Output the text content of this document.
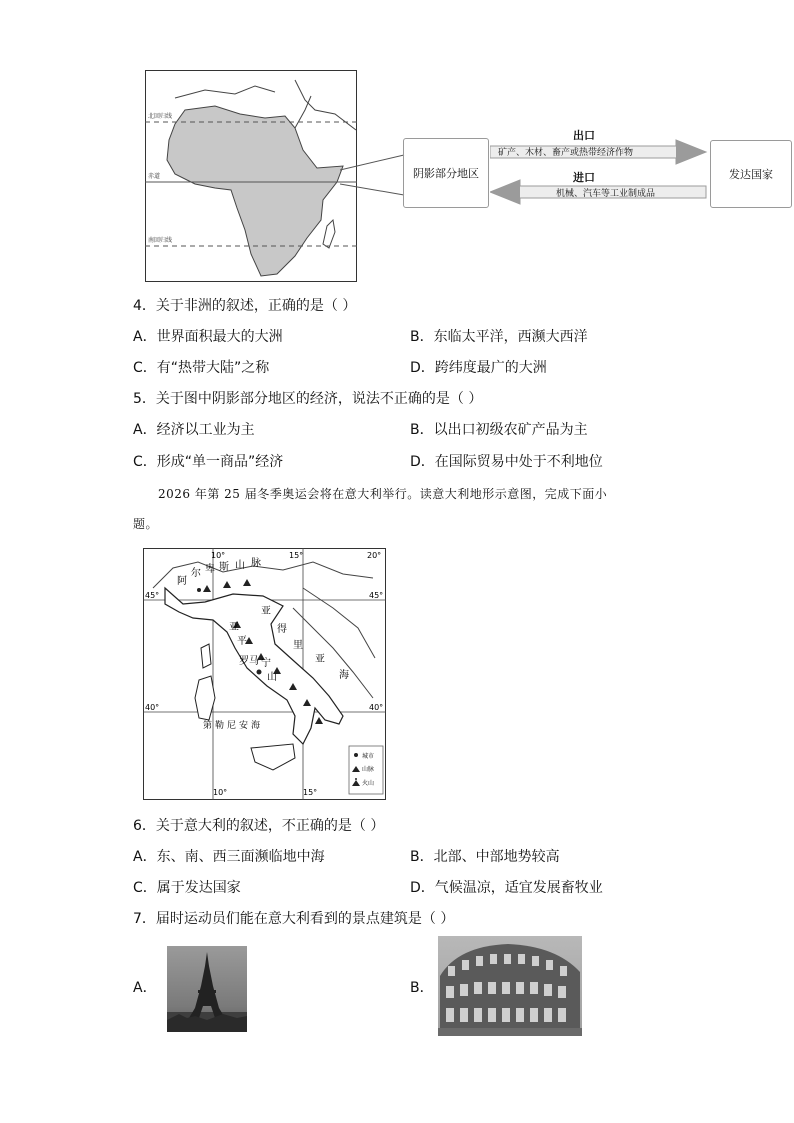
北回归线
赤道
南回归线
阴影部分地区	发达国家
出口
矿产、木材、畜产或热带经济作物
进口
机械、汽车等工业制成品
4．关于非洲的叙述，正确的是（ ）
A．世界面积最大的大洲	B．东临太平洋，西濒大西洋
C．有“热带大陆”之称	D．跨纬度最广的大洲
5．关于图中阴影部分地区的经济，说法不正确的是（ ）
A．经济以工业为主	B．以出口初级农矿产品为主
C．形成“单一商品”经济	D．在国际贸易中处于不利地位
2026 年第 25 届冬季奥运会将在意大利举行。读意大利地形示意图，完成下面小
题。
10°	15°	20°
45°	45°
40°	40°
10°	15°
阿
尔 卑 斯 山 脉
亚
平
宁
山
亚
得
里
亚
海
罗马
第勒尼安海
城市
山脉
火山
6．关于意大利的叙述，不正确的是（ ）
A．东、南、西三面濒临地中海	B．北部、中部地势较高
C．属于发达国家	D．气候温凉，适宜发展畜牧业
7．届时运动员们能在意大利看到的景点建筑是（ ）
A．	B．
